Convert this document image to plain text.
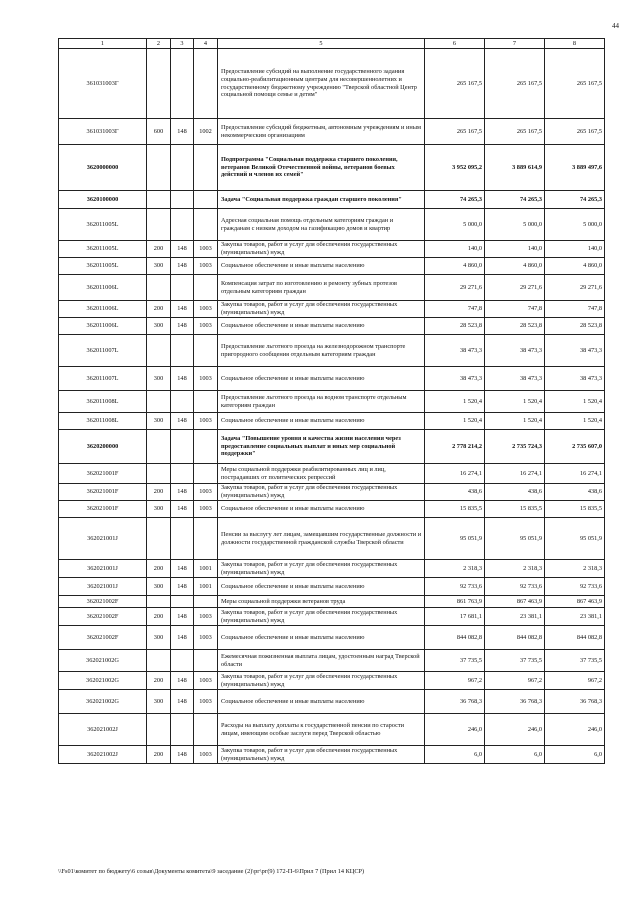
44
1	2	3	4	5	6	7	8
361031003Г				Предоставление субсидий на выполнение государственного задания социально-реабилитационным центрам для несовершеннолетних и государственному бюджетному учреждению "Тверской областной Центр социальной помощи семье и детям"	265 167,5	265 167,5	265 167,5
361031003Г	600	148	1002	Предоставление субсидий бюджетным, автономным учреждениям и иным некоммерческим организациям	265 167,5	265 167,5	265 167,5
3620000000				Подпрограмма "Социальная поддержка старшего поколения, ветеранов Великой Отечественной войны, ветеранов боевых действий и членов их семей"	3 952 095,2	3 889 614,9	3 889 497,6
3620100000				Задача "Социальная поддержка граждан старшего поколения"	74 265,3	74 265,3	74 265,3
362011005L				Адресная социальная помощь отдельным категориям граждан и гражданам с низким доходом на газификацию домов и квартир	5 000,0	5 000,0	5 000,0
362011005L	200	148	1003	Закупка товаров, работ и услуг для обеспечения государственных (муниципальных) нужд	140,0	140,0	140,0
362011005L	300	148	1003	Социальное обеспечение и иные выплаты населению	4 860,0	4 860,0	4 860,0
362011006L				Компенсация затрат по изготовлению и ремонту зубных протезов отдельным категориям граждан	29 271,6	29 271,6	29 271,6
362011006L	200	148	1003	Закупка товаров, работ и услуг для обеспечения государственных (муниципальных) нужд	747,8	747,8	747,8
362011006L	300	148	1003	Социальное обеспечение и иные выплаты населению	28 523,8	28 523,8	28 523,8
362011007L				Предоставление льготного проезда на железнодорожном транспорте пригородного сообщения отдельным категориям граждан	38 473,3	38 473,3	38 473,3
362011007L	300	148	1003	Социальное обеспечение и иные выплаты населению	38 473,3	38 473,3	38 473,3
362011008L				Предоставление льготного проезда на водном транспорте отдельным категориям граждан	1 520,4	1 520,4	1 520,4
362011008L	300	148	1003	Социальное обеспечение и иные выплаты населению	1 520,4	1 520,4	1 520,4
3620200000				Задача "Повышение уровня и качества жизни населения через предоставление социальных выплат и иных мер социальной поддержки"	2 778 214,2	2 735 724,3	2 735 607,0
362021001F				Меры социальной поддержки реабилитированных лиц и лиц, пострадавших от политических репрессий	16 274,1	16 274,1	16 274,1
362021001F	200	148	1003	Закупка товаров, работ и услуг для обеспечения государственных (муниципальных) нужд	438,6	438,6	438,6
362021001F	300	148	1003	Социальное обеспечение и иные выплаты населению	15 835,5	15 835,5	15 835,5
362021001J				Пенсии за выслугу лет лицам, замещавшим государственные должности и должности государственной гражданской службы Тверской области	95 051,9	95 051,9	95 051,9
362021001J	200	148	1001	Закупка товаров, работ и услуг для обеспечения государственных (муниципальных) нужд	2 318,3	2 318,3	2 318,3
362021001J	300	148	1001	Социальное обеспечение и иные выплаты населению	92 733,6	92 733,6	92 733,6
362021002F				Меры социальной поддержки ветеранов труда	861 763,9	867 463,9	867 463,9
362021002F	200	148	1003	Закупка товаров, работ и услуг для обеспечения государственных (муниципальных) нужд	17 681,1	23 381,1	23 381,1
362021002F	300	148	1003	Социальное обеспечение и иные выплаты населению	844 082,8	844 082,8	844 082,8
362021002G				Ежемесячная пожизненная выплата лицам, удостоенным наград Тверской области	37 735,5	37 735,5	37 735,5
362021002G	200	148	1003	Закупка товаров, работ и услуг для обеспечения государственных (муниципальных) нужд	967,2	967,2	967,2
362021002G	300	148	1003	Социальное обеспечение и иные выплаты населению	36 768,3	36 768,3	36 768,3
362021002J				Расходы на выплату доплаты к государственной пенсии по старости лицам, имеющим особые заслуги перед Тверской областью	246,0	246,0	246,0
362021002J	200	148	1003	Закупка товаров, работ и услуг для обеспечения государственных (муниципальных) нужд	6,0	6,0	6,0
\\Fs01\комитет по бюджету\6 созыв\Документы комитета\9 заседание (2)\рг\рг(9) 172-П-6\Прил 7 (Прил 14 КЦСР)
